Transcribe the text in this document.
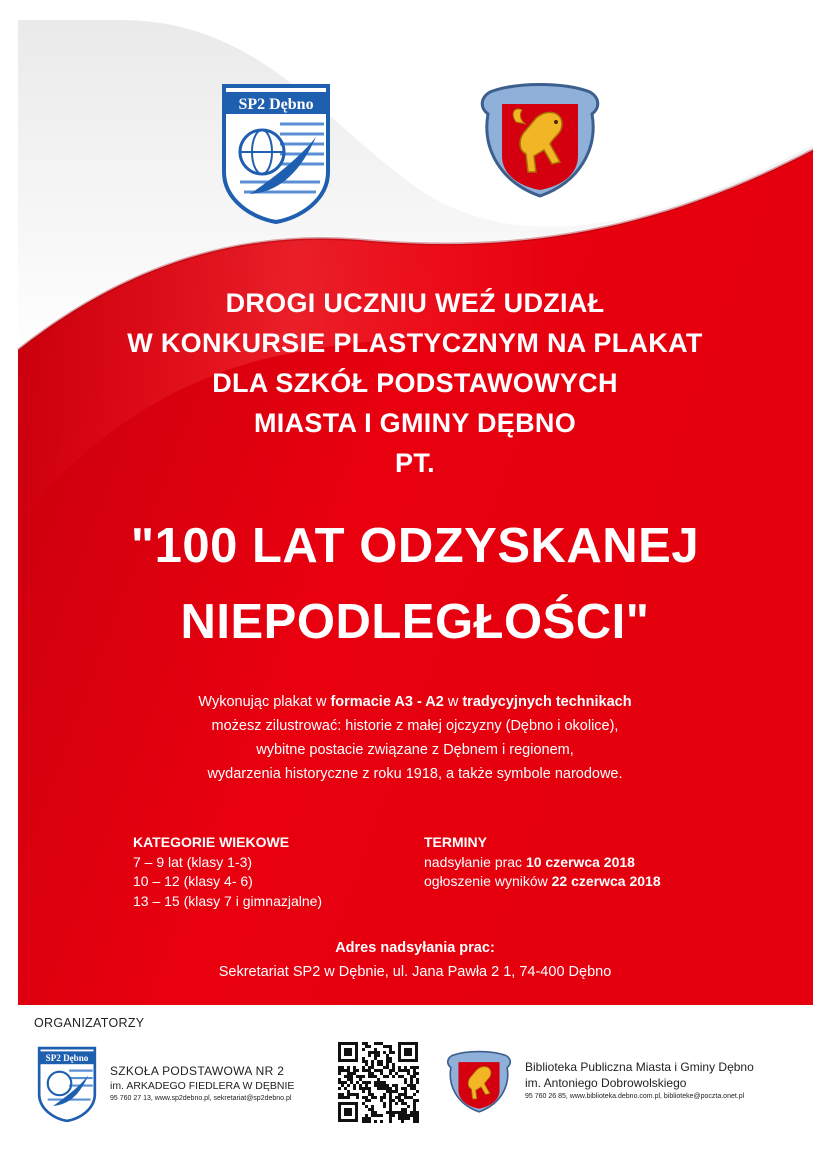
SP2 Dębno
DROGI UCZNIU WEŹ UDZIAŁ
W KONKURSIE PLASTYCZNYM NA PLAKAT
DLA SZKÓŁ PODSTAWOWYCH
MIASTA I GMINY DĘBNO
PT.
"100 LAT ODZYSKANEJ
NIEPODLEGŁOŚCI"
Wykonując plakat w formacie A3 - A2 w tradycyjnych technikach
możesz zilustrować: historie z małej ojczyzny (Dębno i okolice),
wybitne postacie związane z Dębnem i regionem,
wydarzenia historyczne z roku 1918, a także symbole narodowe.
KATEGORIE WIEKOWE
7 – 9 lat (klasy 1-3)
10 – 12 (klasy 4- 6)
13 – 15 (klasy 7 i gimnazjalne)
TERMINY
nadsyłanie prac 10 czerwca 2018
ogłoszenie wyników 22 czerwca 2018
Adres nadsyłania prac:
Sekretariat SP2 w Dębnie, ul. Jana Pawła 2 1, 74-400 Dębno
ORGANIZATORZY
SP2 Dębno
SZKOŁA PODSTAWOWA NR 2
im. ARKADEGO FIEDLERA W DĘBNIE
95 760 27 13, www.sp2debno.pl, sekretariat@sp2debno.pl
Biblioteka Publiczna Miasta i Gminy Dębno
im. Antoniego Dobrowolskiego
95 760 26 85, www.biblioteka.debno.com.pl, biblioteke@poczta.onet.pl
